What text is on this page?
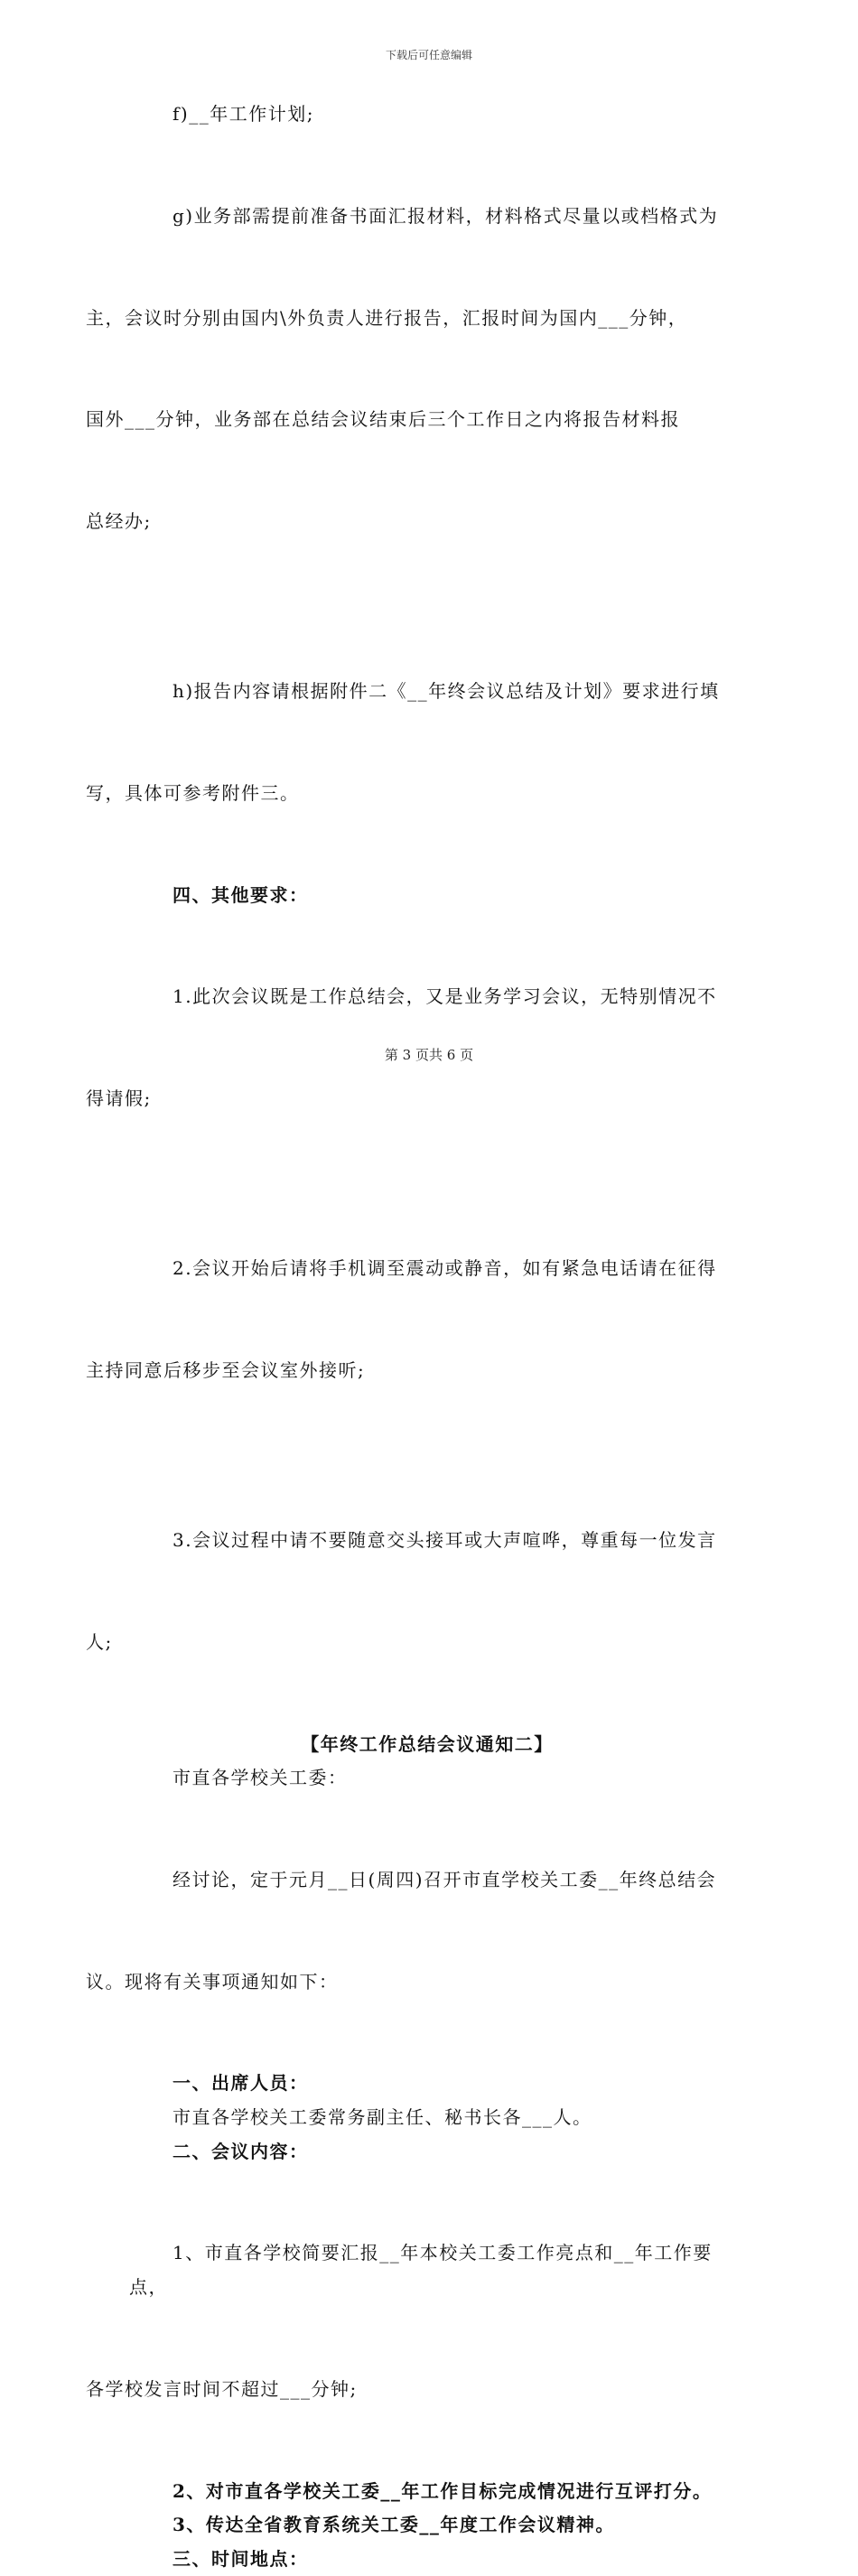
下载后可任意编辑

f)__年工作计划;

g)业务部需提前准备书面汇报材料，材料格式尽量以或档格式为

主，会议时分别由国内\外负责人进行报告，汇报时间为国内___分钟，

国外___分钟，业务部在总结会议结束后三个工作日之内将报告材料报

总经办;

h)报告内容请根据附件二《__年终会议总结及计划》要求进行填

写，具体可参考附件三。

四、其他要求：

1.此次会议既是工作总结会，又是业务学习会议，无特别情况不

得请假;

2.会议开始后请将手机调至震动或静音，如有紧急电话请在征得

主持同意后移步至会议室外接听;

3.会议过程中请不要随意交头接耳或大声喧哗，尊重每一位发言

人;

【年终工作总结会议通知二】

市直各学校关工委：

经讨论，定于元月__日(周四)召开市直学校关工委__年终总结会

议。现将有关事项通知如下：

一、出席人员：

市直各学校关工委常务副主任、秘书长各___人。

二、会议内容：

1、市直各学校简要汇报__年本校关工委工作亮点和__年工作要点，

各学校发言时间不超过___分钟;

2、对市直各学校关工委__年工作目标完成情况进行互评打分。

3、传达全省教育系统关工委__年度工作会议精神。

三、时间地点：

第 3 页共 6 页
